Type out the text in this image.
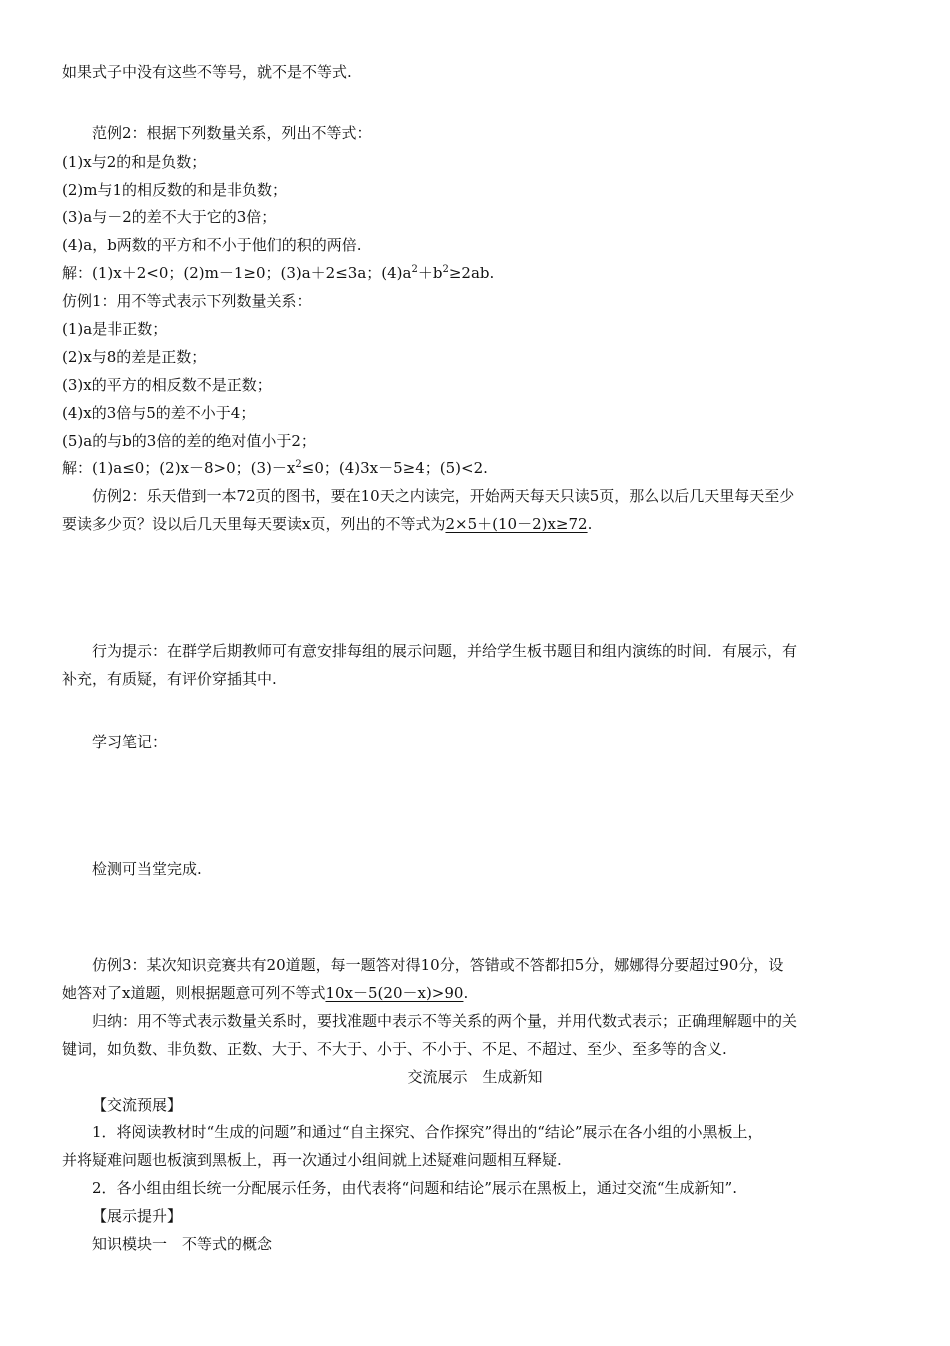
如果式子中没有这些不等号，就不是不等式.
范例2：根据下列数量关系，列出不等式：
(1)x与2的和是负数；
(2)m与1的相反数的和是非负数；
(3)a与－2的差不大于它的3倍；
(4)a，b两数的平方和不小于他们的积的两倍.
解：(1)x＋2<0；(2)m－1≥0；(3)a＋2≤3a；$(4)a^2+b^2\ge 2ab$.
仿例1：用不等式表示下列数量关系：
(1)a是非正数；
(2)x与8的差是正数；
(3)x的平方的相反数不是正数；
(4)x的3倍与5的差不小于4；
(5)a的与b的3倍的差的绝对值小于2；
解：(1)a≤0；(2)x－8>0；$(3)-x^2\le 0$；(4)3x－5≥4；(5)<2.
仿例2：乐天借到一本72页的图书，要在10天之内读完，开始两天每天只读5页，那么以后几天里每天至少
要读多少页？设以后几天里每天要读x页，列出的不等式为2×5＋(10－2)x≥72.
行为提示：在群学后期教师可有意安排每组的展示问题，并给学生板书题目和组内演练的时间．有展示，有
补充，有质疑，有评价穿插其中.
学习笔记：
检测可当堂完成.
仿例3：某次知识竞赛共有20道题，每一题答对得10分，答错或不答都扣5分，娜娜得分要超过90分，设
她答对了x道题，则根据题意可列不等式10x－5(20－x)>90.
归纳：用不等式表示数量关系时，要找准题中表示不等关系的两个量，并用代数式表示；正确理解题中的关
键词，如负数、非负数、正数、大于、不大于、小于、不小于、不足、不超过、至少、至多等的含义.
交流展示　生成新知
【交流预展】
1．将阅读教材时“生成的问题”和通过“自主探究、合作探究”得出的“结论”展示在各小组的小黑板上，
并将疑难问题也板演到黑板上，再一次通过小组间就上述疑难问题相互释疑.
2．各小组由组长统一分配展示任务，由代表将“问题和结论”展示在黑板上，通过交流“生成新知”.
【展示提升】
知识模块一　不等式的概念
